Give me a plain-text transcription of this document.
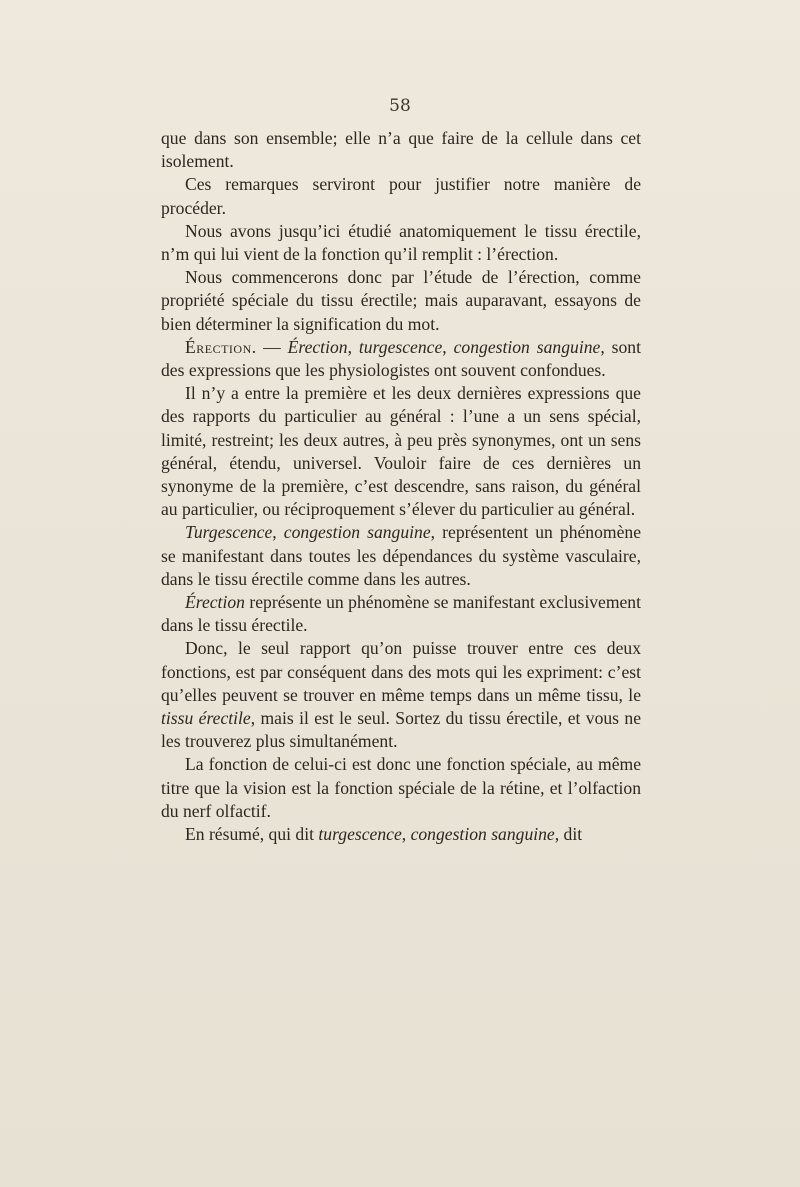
58

que dans son ensemble; elle n’a que faire de la cellule dans cet isolement.

Ces remarques serviront pour justifier notre manière de procéder.

Nous avons jusqu’ici étudié anatomiquement le tissu érectile, n’m qui lui vient de la fonction qu’il remplit : l’érection.

Nous commencerons donc par l’étude de l’érection, comme propriété spéciale du tissu érectile; mais auparavant, essayons de bien déterminer la signification du mot.

Érection. — Érection, turgescence, congestion sanguine, sont des expressions que les physiologistes ont souvent confondues.

Il n’y a entre la première et les deux dernières expressions que des rapports du particulier au général : l’une a un sens spécial, limité, restreint; les deux autres, à peu près synonymes, ont un sens général, étendu, universel. Vouloir faire de ces dernières un synonyme de la première, c’est descendre, sans raison, du général au particulier, ou réciproquement s’élever du particulier au général.

Turgescence, congestion sanguine, représentent un phénomène se manifestant dans toutes les dépendances du système vasculaire, dans le tissu érectile comme dans les autres.

Érection représente un phénomène se manifestant exclusivement dans le tissu érectile.

Donc, le seul rapport qu’on puisse trouver entre ces deux fonctions, est par conséquent dans des mots qui les expriment: c’est qu’elles peuvent se trouver en même temps dans un même tissu, le tissu érectile, mais il est le seul. Sortez du tissu érectile, et vous ne les trouverez plus simultanément.

La fonction de celui-ci est donc une fonction spéciale, au même titre que la vision est la fonction spéciale de la rétine, et l’olfaction du nerf olfactif.

En résumé, qui dit turgescence, congestion sanguine, dit
